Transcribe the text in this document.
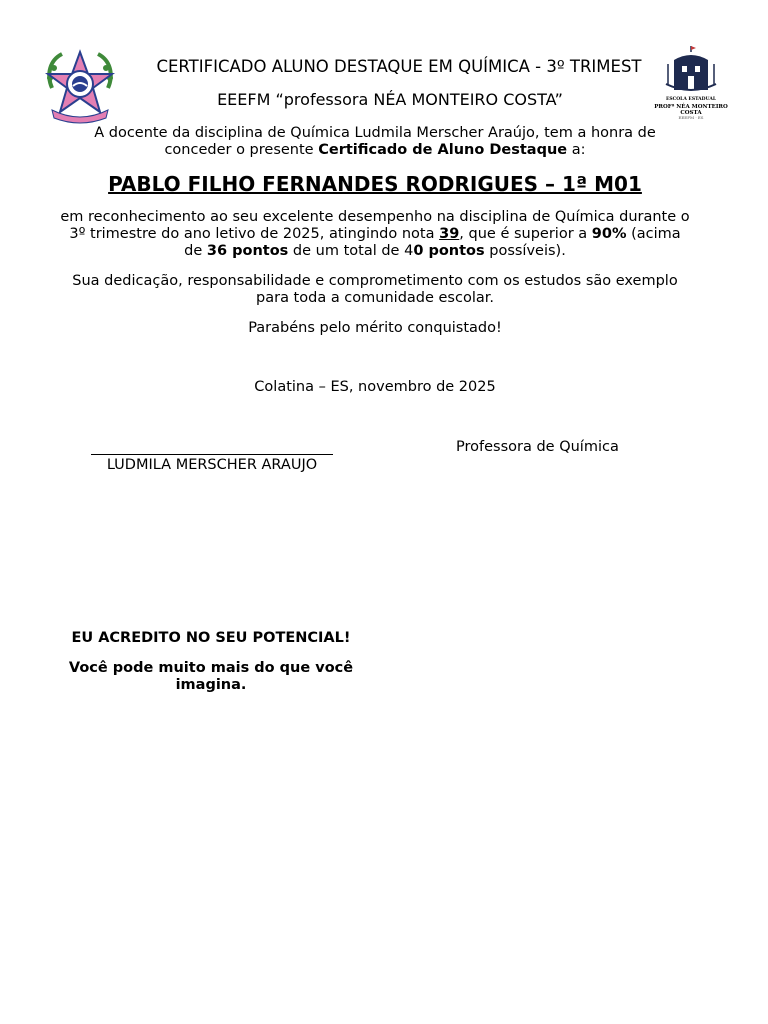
ESCOLA ESTADUAL
PROFª NÉA MONTEIRO COSTA
EEEFM · ES
CERTIFICADO ALUNO DESTAQUE EM QUÍMICA - 3º TRIMEST
EEEFM “professora NÉA MONTEIRO COSTA”
A docente da disciplina de Química Ludmila Merscher Araújo, tem a honra de conceder o presente Certificado de Aluno Destaque a:
PABLO FILHO FERNANDES RODRIGUES – 1ª M01
em reconhecimento ao seu excelente desempenho na disciplina de Química durante o 3º trimestre do ano letivo de 2025, atingindo nota 39, que é superior a 90% (acima de 36 pontos de um total de 40 pontos possíveis).
Sua dedicação, responsabilidade e comprometimento com os estudos são exemplo para toda a comunidade escolar.
Parabéns pelo mérito conquistado!
Colatina – ES, novembro de 2025
LUDMILA MERSCHER ARAUJO
Professora de Química
EU ACREDITO NO SEU POTENCIAL!
Você pode muito mais do que você imagina.
